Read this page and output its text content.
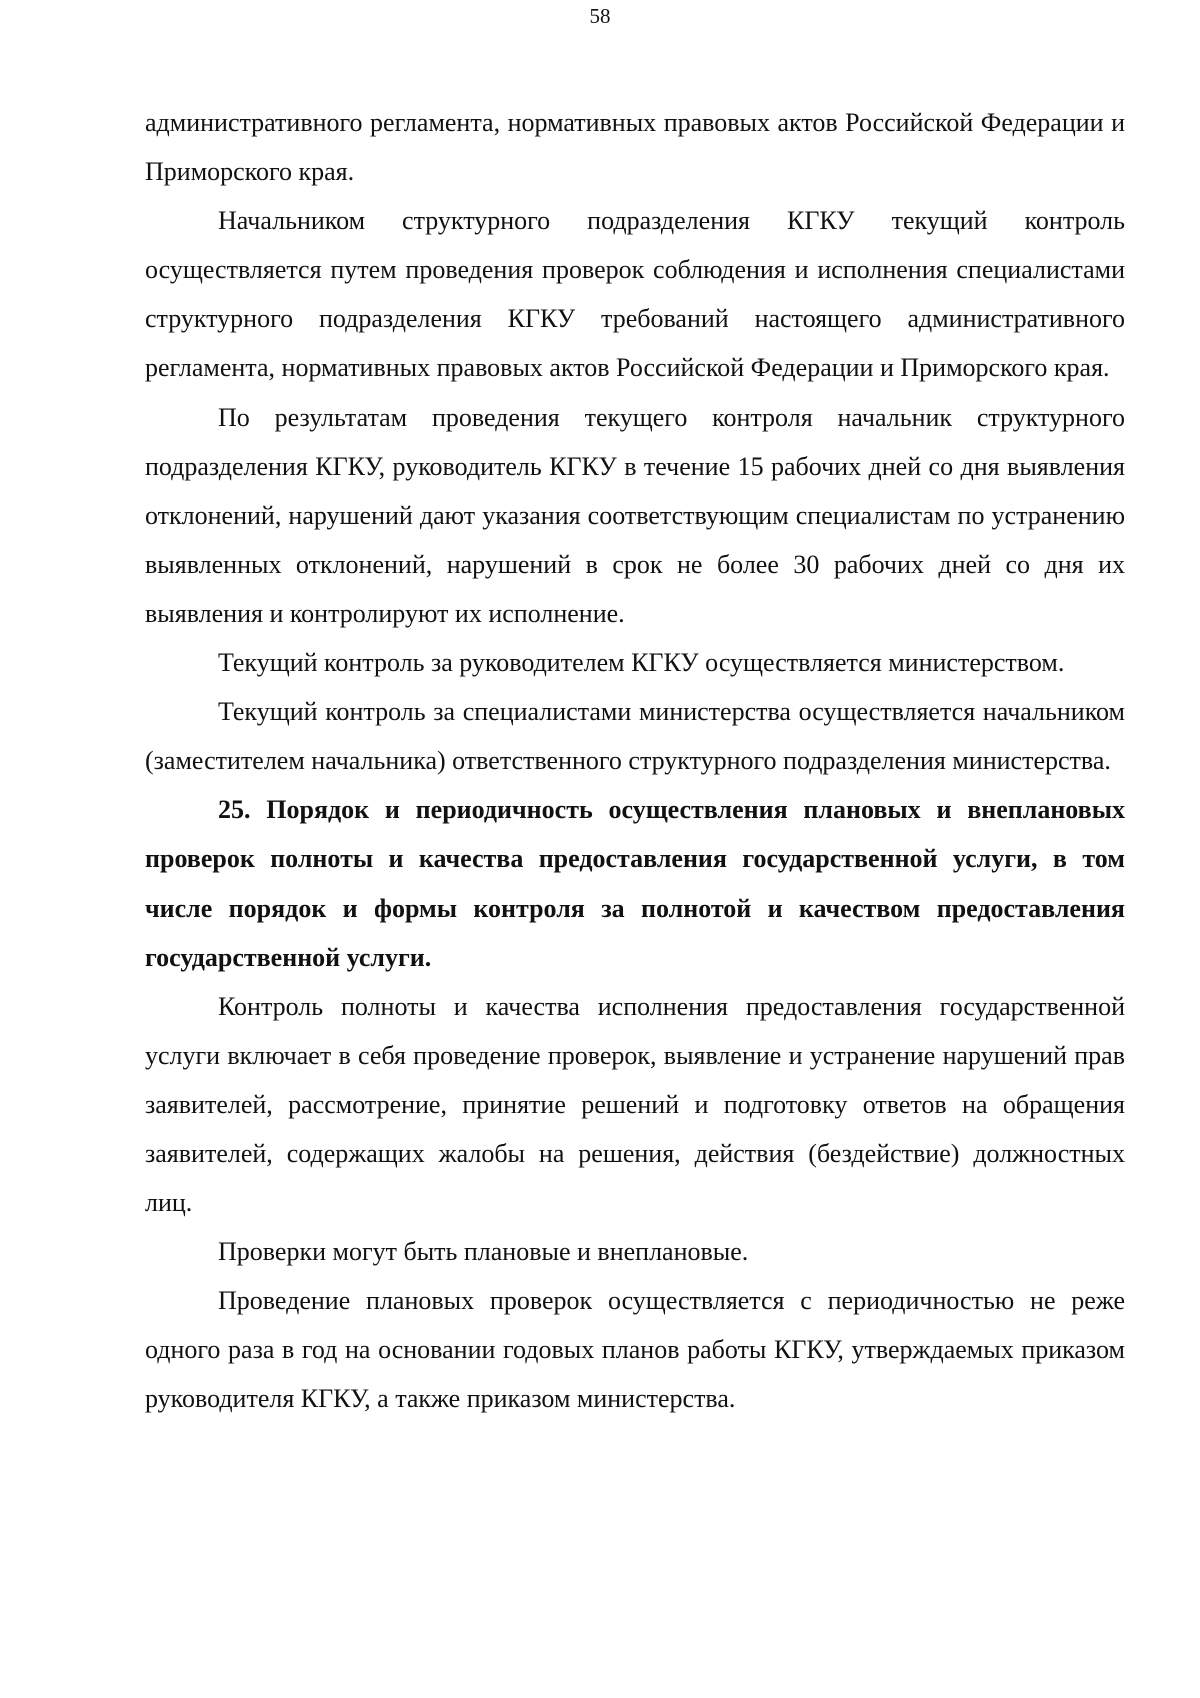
58

административного регламента, нормативных правовых актов Российской Федерации и Приморского края.

Начальником структурного подразделения КГКУ текущий контроль осуществляется путем проведения проверок соблюдения и исполнения специалистами структурного подразделения КГКУ требований настоящего административного регламента, нормативных правовых актов Российской Федерации и Приморского края.

По результатам проведения текущего контроля начальник структурного подразделения КГКУ, руководитель КГКУ в течение 15 рабочих дней со дня выявления отклонений, нарушений дают указания соответствующим специалистам по устранению выявленных отклонений, нарушений в срок не более 30 рабочих дней со дня их выявления и контролируют их исполнение.

Текущий контроль за руководителем КГКУ осуществляется министерством.

Текущий контроль за специалистами министерства осуществляется начальником (заместителем начальника) ответственного структурного подразделения министерства.

25. Порядок и периодичность осуществления плановых и внеплановых проверок полноты и качества предоставления государственной услуги, в том числе порядок и формы контроля за полнотой и качеством предоставления государственной услуги.

Контроль полноты и качества исполнения предоставления государственной услуги включает в себя проведение проверок, выявление и устранение нарушений прав заявителей, рассмотрение, принятие решений и подготовку ответов на обращения заявителей, содержащих жалобы на решения, действия (бездействие) должностных лиц.

Проверки могут быть плановые и внеплановые.

Проведение плановых проверок осуществляется с периодичностью не реже одного раза в год на основании годовых планов работы КГКУ, утверждаемых приказом руководителя КГКУ, а также приказом министерства.
